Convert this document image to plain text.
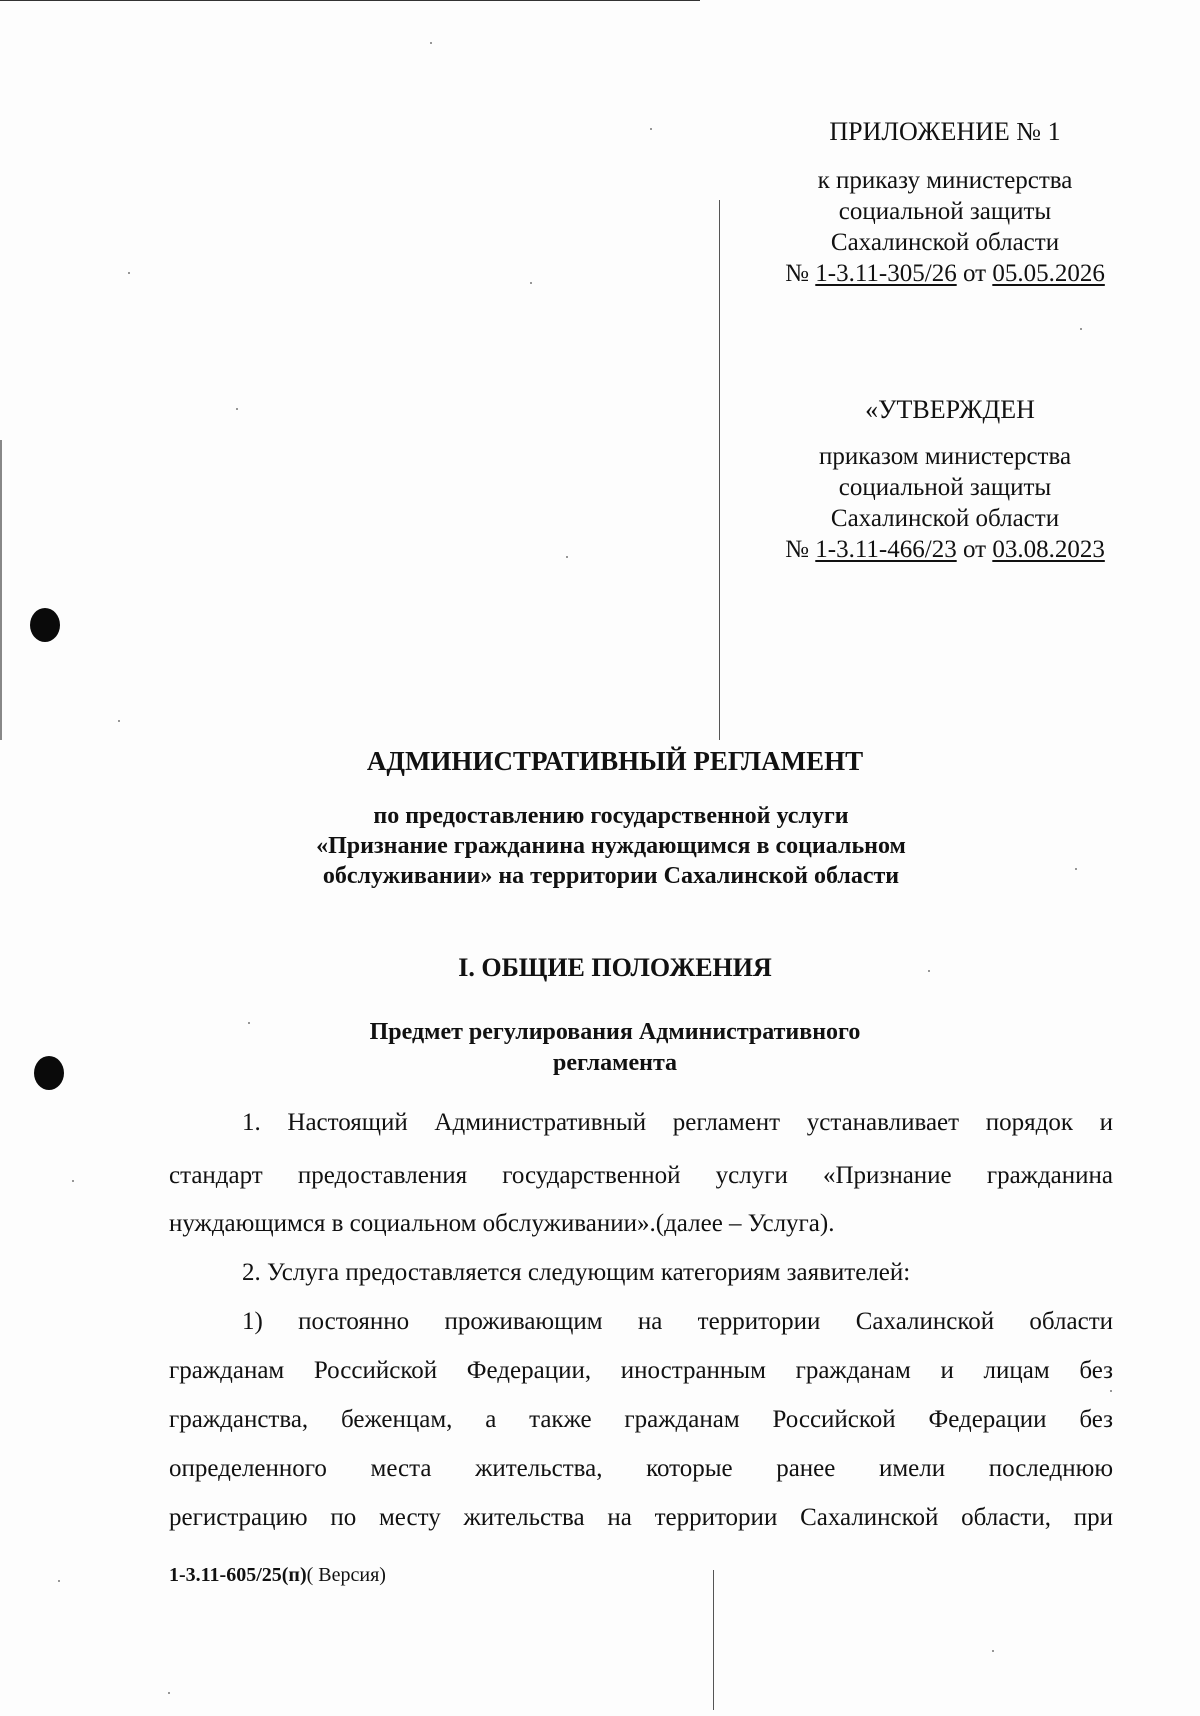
ПРИЛОЖЕНИЕ № 1
к приказу министерства
социальной защиты
Сахалинской области
№ 1-3.11-305/26 от 05.05.2026
«УТВЕРЖДЕН
приказом министерства
социальной защиты
Сахалинской области
№ 1-3.11-466/23 от 03.08.2023
АДМИНИСТРАТИВНЫЙ РЕГЛАМЕНТ
по предоставлению государственной услуги
«Признание гражданина нуждающимся в социальном
обслуживании» на территории Сахалинской области
I. ОБЩИЕ ПОЛОЖЕНИЯ
Предмет регулирования Административного
регламента
1. Настоящий Административный регламент устанавливает порядок и
стандарт предоставления государственной услуги «Признание гражданина
нуждающимся в социальном обслуживании».(далее – Услуга).
2. Услуга предоставляется следующим категориям заявителей:
1) постоянно проживающим на территории Сахалинской области
гражданам Российской Федерации, иностранным гражданам и лицам без
гражданства, беженцам, а также гражданам Российской Федерации без
определенного места жительства, которые ранее имели последнюю
регистрацию по месту жительства на территории Сахалинской области, при
1-3.11-605/25(п)( Версия)
